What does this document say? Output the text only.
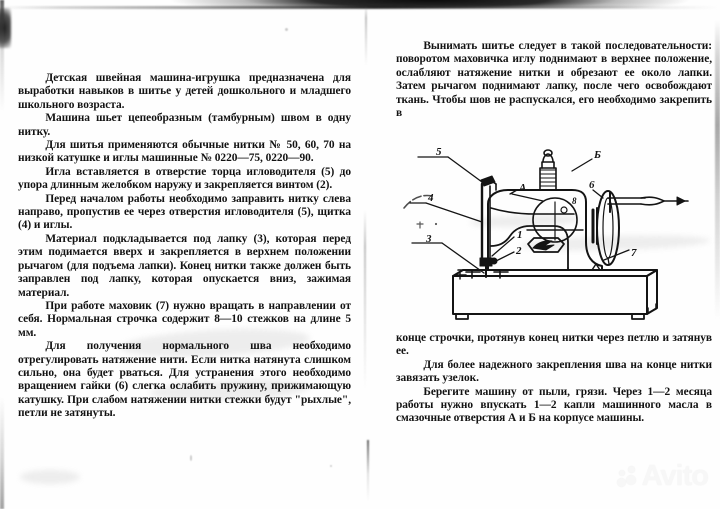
Детская швейная машина-игрушка предназначена для выработки навыков в шитье у детей дошкольного и младшего школьного возраста.

Машина шьет цепеобразным (тамбурным) швом в одну нитку.

Для шитья применяются обычные нитки № 50, 60, 70 на низкой катушке и иглы машинные № 0220—75, 0220—90.

Игла вставляется в отверстие торца игловодителя (5) до упора длинным желобком наружу и закрепляется винтом (2).

Перед началом работы необходимо заправить нитку слева направо, пропустив ее через отверстия игловодителя (5), щитка (4) и иглы.

Материал подкладывается под лапку (3), которая перед этим подимается вверх и закрепляется в верхнем положении рычагом (для подъема лапки). Конец нитки также должен быть заправлен под лапку, которая опускается вниз, зажимая материал.

При работе маховик (7) нужно вращать в направлении от себя. Нормальная строчка содержит 8—10 стежков на длине 5 мм.

Для получения нормального шва необходимо отрегулировать натяжение нити. Если нитка натянута слишком сильно, она будет рваться. Для устранения этого необходимо вращением гайки (6) слегка ослабить пружину, прижимающую катушку. При слабом натяжении нитки стежки будут "рыхлые", петли не затянуты.

Вынимать шитье следует в такой последовательности: поворотом маховичка иглу поднимают в верхнее положение, ослабляют натяжение нитки и обрезают ее около лапки. Затем рычагом поднимают лапку, после чего освобождают ткань. Чтобы шов не распускался, его необходимо закрепить в

5
4
3	1
2
А
Б
6
7
8

конце строчки, протянув конец нитки через петлю и затянув ее.

Для более надежного закрепления шва на конце нитки завязать узелок.

Берегите машину от пыли, грязи. Через 1—2 месяца работы нужно впускать 1—2 капли машинного масла в смазочные отверстия А и Б на корпусе машины.

Avito
